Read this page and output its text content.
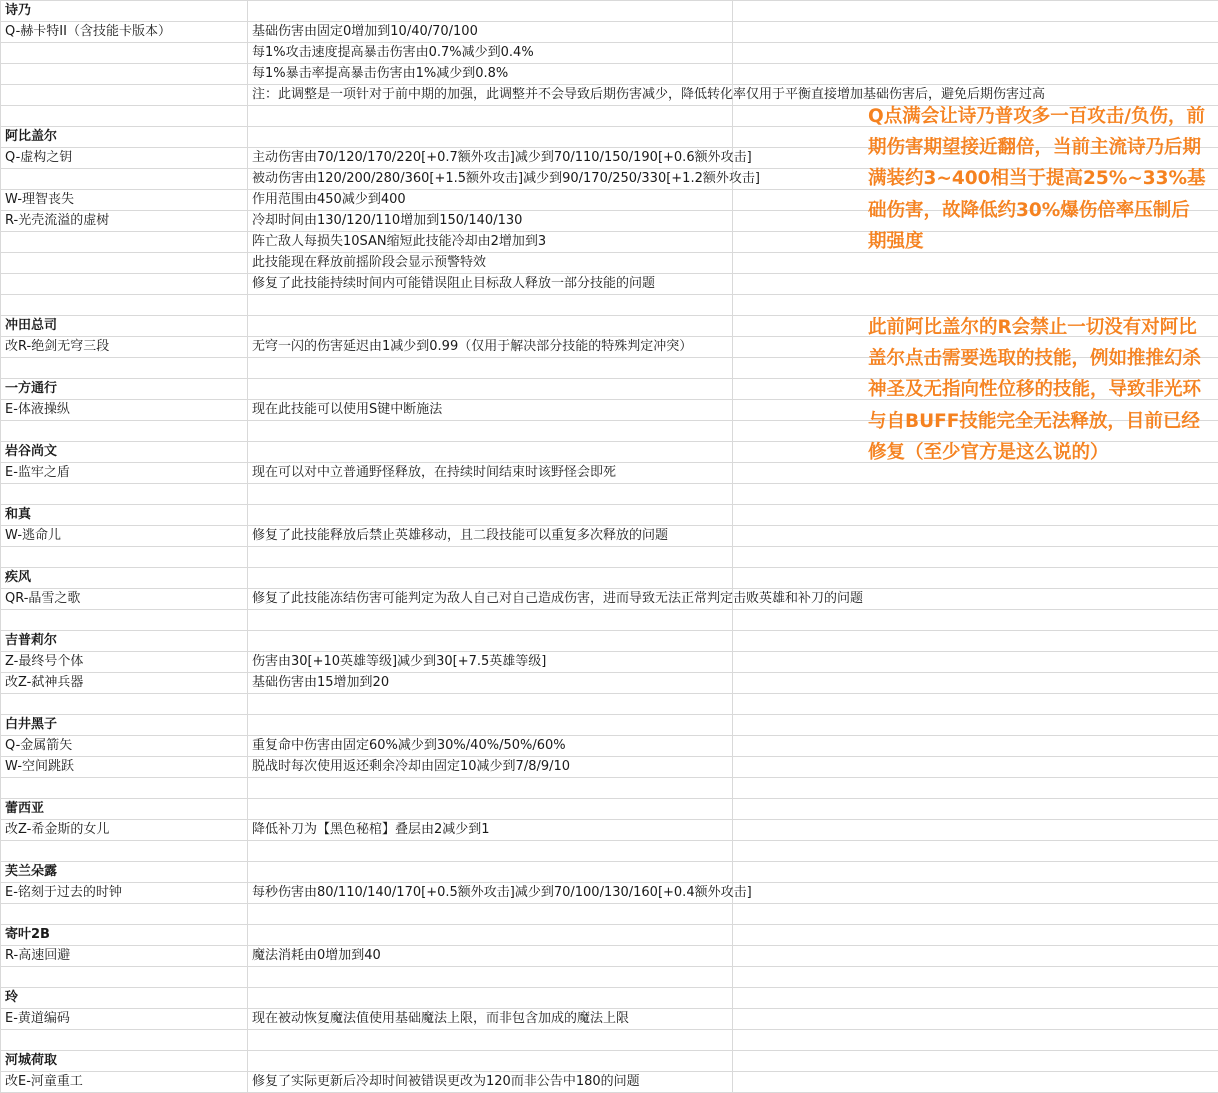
诗乃		
Q-赫卡特II（含技能卡版本）	基础伤害由固定0增加到10/40/70/100	
	每1%攻击速度提高暴击伤害由0.7%减少到0.4%	
	每1%暴击率提高暴击伤害由1%减少到0.8%	
	注：此调整是一项针对于前中期的加强，此调整并不会导致后期伤害减少，降低转化率仅用于平衡直接增加基础伤害后，避免后期伤害过高	

阿比盖尔		
Q-虚构之钥	主动伤害由70/120/170/220[+0.7额外攻击]减少到70/110/150/190[+0.6额外攻击]	
	被动伤害由120/200/280/360[+1.5额外攻击]减少到90/170/250/330[+1.2额外攻击]	
W-理智丧失	作用范围由450减少到400	
R-光壳流溢的虚树	冷却时间由130/120/110增加到150/140/130	
	阵亡敌人每损失10SAN缩短此技能冷却由2增加到3	
	此技能现在释放前摇阶段会显示预警特效	
	修复了此技能持续时间内可能错误阻止目标敌人释放一部分技能的问题	

冲田总司		
改R-绝剑无穹三段	无穹一闪的伤害延迟由1减少到0.99（仅用于解决部分技能的特殊判定冲突）	

一方通行		
E-体液操纵	现在此技能可以使用S键中断施法	

岩谷尚文		
E-监牢之盾	现在可以对中立普通野怪释放，在持续时间结束时该野怪会即死	

和真		
W-逃命儿	修复了此技能释放后禁止英雄移动，且二段技能可以重复多次释放的问题	

疾风		
QR-晶雪之歌	修复了此技能冻结伤害可能判定为敌人自己对自己造成伤害，进而导致无法正常判定击败英雄和补刀的问题	

吉普莉尔		
Z-最终号个体	伤害由30[+10英雄等级]减少到30[+7.5英雄等级]	
改Z-弑神兵器	基础伤害由15增加到20	

白井黑子		
Q-金属箭矢	重复命中伤害由固定60%减少到30%/40%/50%/60%	
W-空间跳跃	脱战时每次使用返还剩余冷却由固定10减少到7/8/9/10	

蕾西亚		
改Z-希金斯的女儿	降低补刀为【黑色秘棺】叠层由2减少到1	

芙兰朵露		
E-铭刻于过去的时钟	每秒伤害由80/110/140/170[+0.5额外攻击]减少到70/100/130/160[+0.4额外攻击]	

寄叶2B		
R-高速回避	魔法消耗由0增加到40	

玲		
E-黄道编码	现在被动恢复魔法值使用基础魔法上限，而非包含加成的魔法上限	

河城荷取		
改E-河童重工	修复了实际更新后冷却时间被错误更改为120而非公告中180的问题	
Q点满会让诗乃普攻多一百攻击/负伤，前期伤害期望接近翻倍，当前主流诗乃后期满装约3~400相当于提高25%~33%基础伤害，故降低约30%爆伤倍率压制后期强度
此前阿比盖尔的R会禁止一切没有对阿比盖尔点击需要选取的技能，例如推推幻杀神圣及无指向性位移的技能，导致非光环与自BUFF技能完全无法释放，目前已经修复（至少官方是这么说的）
